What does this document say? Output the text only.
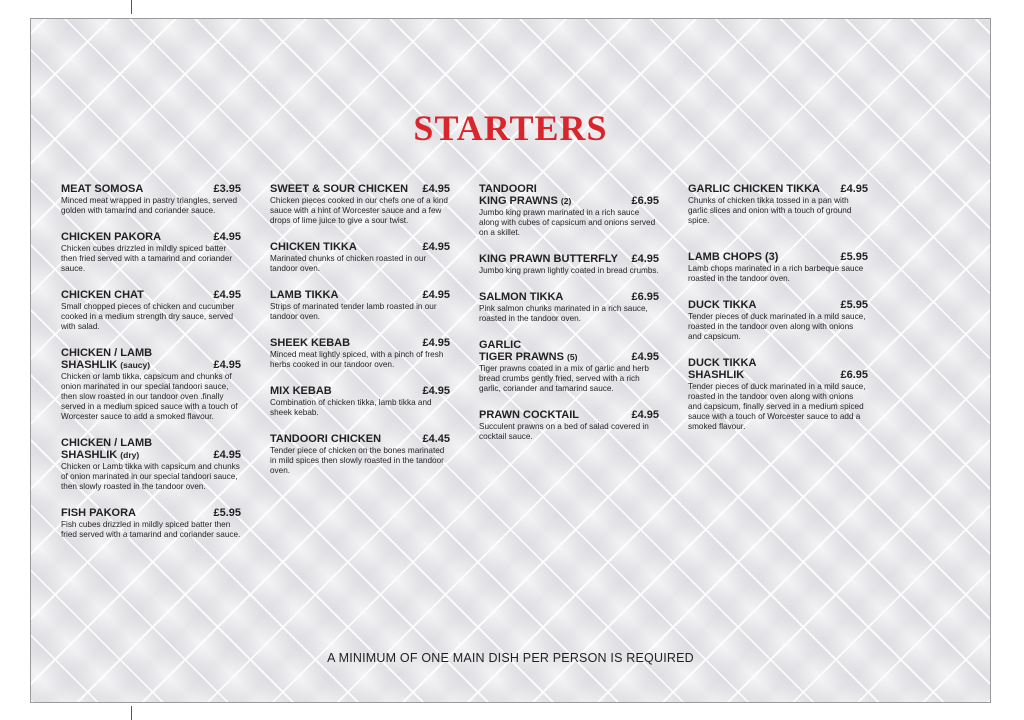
STARTERS
MEAT SOMOSA	£3.95
Minced meat wrapped in pastry triangles, served golden with tamarind and coriander sauce.
CHICKEN PAKORA	£4.95
Chicken cubes drizzled in mildly spiced batter then fried served with a tamarind and coriander sauce.
CHICKEN CHAT	£4.95
Small chopped pieces of chicken and cucumber cooked in a medium strength dry sauce, served with salad.
CHICKEN / LAMB
SHASHLIK (saucy)	£4.95
Chicken or lamb tikka, capsicum and chunks of onion marinated in our special tandoori sauce, then slow roasted in our tandoor oven .finally served in a medium spiced sauce with a touch of Worcester sauce to add a smoked flavour.
CHICKEN / LAMB
SHASHLIK (dry)	£4.95
Chicken or Lamb tikka with capsicum and chunks of onion marinated in our special tandoori sauce, then slowly roasted in the tandoor oven.
FISH PAKORA	£5.95
Fish cubes drizzled in mildly spiced batter then fried served with a tamarind and coriander sauce.
SWEET & SOUR CHICKEN £4.95
Chicken pieces cooked in our chefs one of a kind sauce with a hint of Worcester sauce and a few drops of lime juice to give a sour twist.
CHICKEN TIKKA	£4.95
Marinated chunks of chicken roasted in our tandoor oven.
LAMB TIKKA	£4.95
Strips of marinated tender lamb roasted in our tandoor oven.
SHEEK KEBAB	£4.95
Minced meat lightly spiced, with a pinch of fresh herbs cooked in our tandoor oven.
MIX KEBAB	£4.95
Combination of chicken tikka, lamb tikka and sheek kebab.
TANDOORI CHICKEN	£4.45
Tender piece of chicken on the bones marinated in mild spices then slowly roasted in the tandoor oven.
TANDOORI
KING PRAWNS (2)	£6.95
Jumbo king prawn marinated in a rich sauce along with cubes of capsicum and onions served on a skillet.
KING PRAWN BUTTERFLY £4.95
Jumbo king prawn lightly coated in bread crumbs.
SALMON TIKKA	£6.95
Pink salmon chunks marinated in a rich sauce, roasted in the tandoor oven.
GARLIC
TIGER PRAWNS (5)	£4.95
Tiger prawns coated in a mix of garlic and herb bread crumbs gently fried, served with a rich garlic, coriander and tamarind sauce.
PRAWN COCKTAIL	£4.95
Succulent prawns on a bed of salad covered in cocktail sauce.
GARLIC CHICKEN TIKKA £4.95
Chunks of chicken tikka tossed in a pan with garlic slices and onion with a touch of ground spice.
LAMB CHOPS (3)	£5.95
Lamb chops marinated in a rich barbeque sauce roasted in the tandoor oven.
DUCK TIKKA	£5.95
Tender pieces of duck marinated in a mild sauce, roasted in the tandoor oven along with onions and capsicum.
DUCK TIKKA
SHASHLIK	£6.95
Tender pieces of duck marinated in a mild sauce, roasted in the tandoor oven along with onions and capsicum, finally served in a medium spiced sauce with a touch of Worcester sauce to add a smoked flavour.
A MINIMUM OF ONE MAIN DISH PER PERSON IS REQUIRED
